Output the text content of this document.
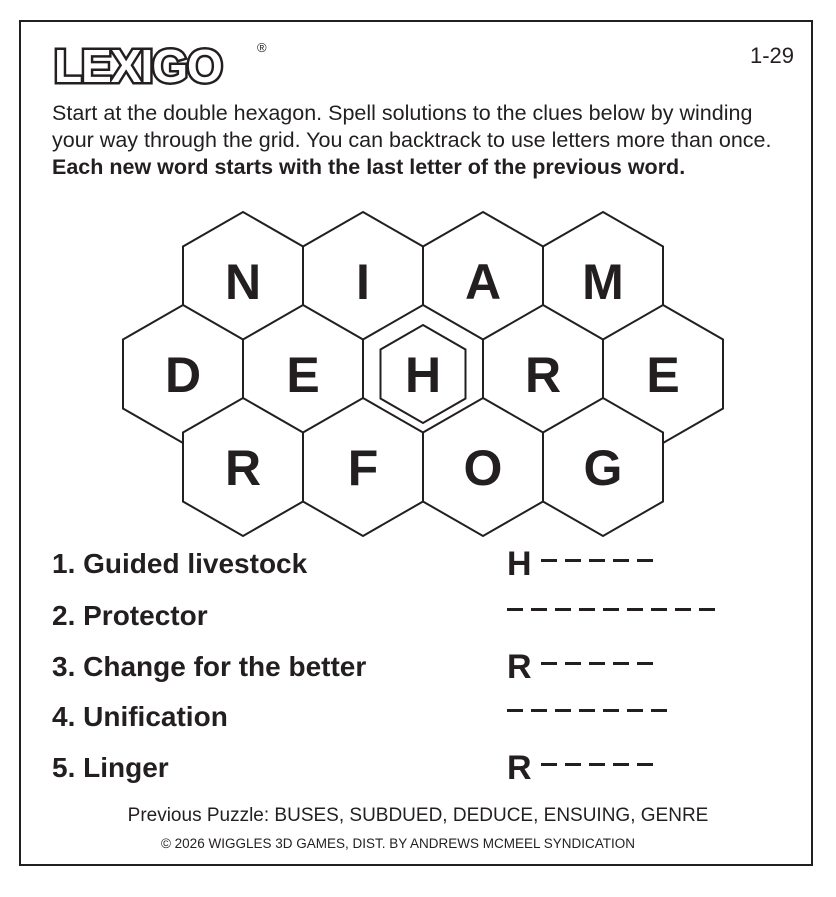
LEXIGO	®	1-29
Start at the double hexagon. Spell solutions to the clues below by winding your way through the grid. You can backtrack to use letters more than once. Each new word starts with the last letter of the previous word.
N I A M
D E H R E
R F O G
1. Guided livestock	H
2. Protector
3. Change for the better	R
4. Unification
5. Linger	R
Previous Puzzle: BUSES, SUBDUED, DEDUCE, ENSUING, GENRE
© 2026 WIGGLES 3D GAMES, DIST. BY ANDREWS MCMEEL SYNDICATION
